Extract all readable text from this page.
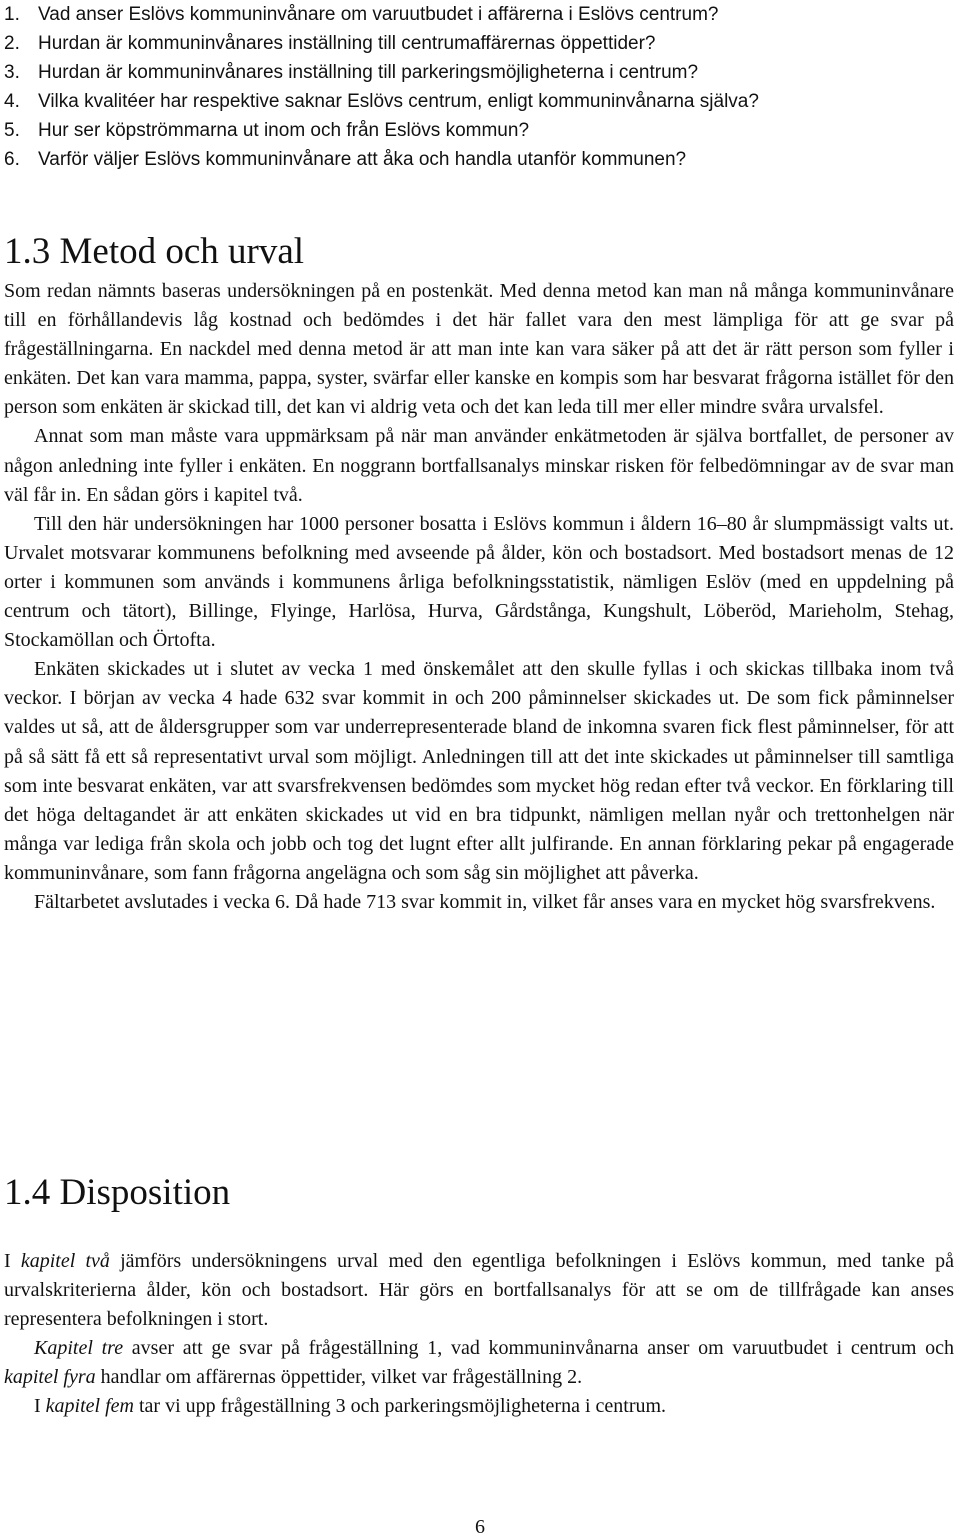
1. Vad anser Eslövs kommuninvånare om varuutbudet i affärerna i Eslövs centrum?
2. Hurdan är kommuninvånares inställning till centrumaffärernas öppettider?
3. Hurdan är kommuninvånares inställning till parkeringsmöjligheterna i centrum?
4. Vilka kvalitéer har respektive saknar Eslövs centrum, enligt kommuninvånarna själva?
5. Hur ser köpströmmarna ut inom och från Eslövs kommun?
6. Varför väljer Eslövs kommuninvånare att åka och handla utanför kommunen?
1.3 Metod och urval

Som redan nämnts baseras undersökningen på en postenkät. Med denna metod kan man nå många kommuninvånare till en förhållandevis låg kostnad och bedömdes i det här fallet vara den mest lämpliga för att ge svar på frågeställningarna. En nackdel med denna metod är att man inte kan vara säker på att det är rätt person som fyller i enkäten. Det kan vara mamma, pappa, syster, svärfar eller kanske en kompis som har besvarat frågorna istället för den person som enkäten är skickad till, det kan vi aldrig veta och det kan leda till mer eller mindre svåra urvalsfel.

Annat som man måste vara uppmärksam på när man använder enkätmetoden är själva bortfallet, de personer av någon anledning inte fyller i enkäten. En noggrann bortfallsanalys minskar risken för felbedömningar av de svar man väl får in. En sådan görs i kapitel två.

Till den här undersökningen har 1000 personer bosatta i Eslövs kommun i åldern 16–80 år slumpmässigt valts ut. Urvalet motsvarar kommunens befolkning med avseende på ålder, kön och bostadsort. Med bostadsort menas de 12 orter i kommunen som används i kommunens årliga befolkningsstatistik, nämligen Eslöv (med en uppdelning på centrum och tätort), Billinge, Flyinge, Harlösa, Hurva, Gårdstånga, Kungshult, Löberöd, Marieholm, Stehag, Stockamöllan och Örtofta.

Enkäten skickades ut i slutet av vecka 1 med önskemålet att den skulle fyllas i och skickas tillbaka inom två veckor. I början av vecka 4 hade 632 svar kommit in och 200 påminnelser skickades ut. De som fick påminnelser valdes ut så, att de åldersgrupper som var underrepresenterade bland de inkomna svaren fick flest påminnelser, för att på så sätt få ett så representativt urval som möjligt. Anledningen till att det inte skickades ut påminnelser till samtliga som inte besvarat enkäten, var att svarsfrekvensen bedömdes som mycket hög redan efter två veckor. En förklaring till det höga deltagandet är att enkäten skickades ut vid en bra tidpunkt, nämligen mellan nyår och trettonhelgen när många var lediga från skola och jobb och tog det lugnt efter allt julfirande. En annan förklaring pekar på engagerade kommuninvånare, som fann frågorna angelägna och som såg sin möjlighet att påverka.

Fältarbetet avslutades i vecka 6. Då hade 713 svar kommit in, vilket får anses vara en mycket hög svarsfrekvens.

1.4 Disposition

I kapitel två jämförs undersökningens urval med den egentliga befolkningen i Eslövs kommun, med tanke på urvalskriterierna ålder, kön och bostadsort. Här görs en bortfallsanalys för att se om de tillfrågade kan anses representera befolkningen i stort.

Kapitel tre avser att ge svar på frågeställning 1, vad kommuninvånarna anser om varuutbudet i centrum och kapitel fyra handlar om affärernas öppettider, vilket var frågeställning 2.

I kapitel fem tar vi upp frågeställning 3 och parkeringsmöjligheterna i centrum.

6
